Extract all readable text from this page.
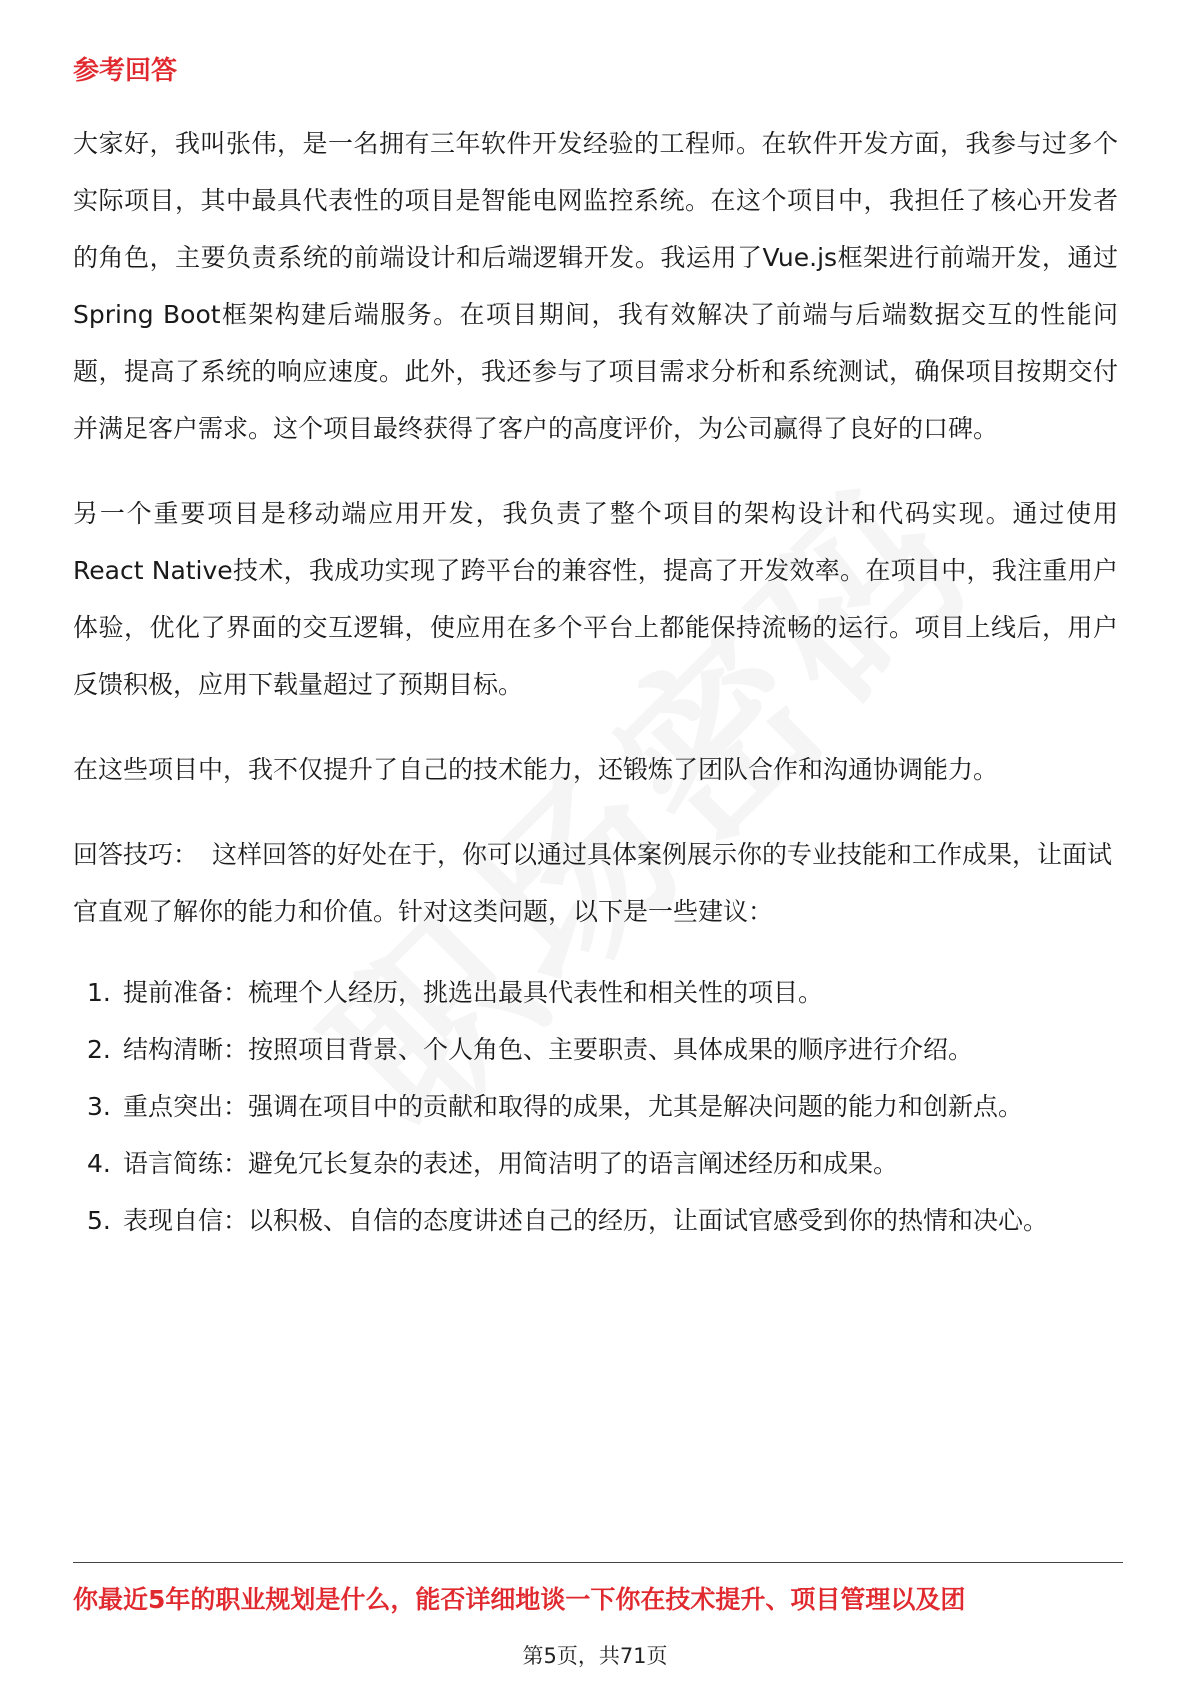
参考回答

大家好，我叫张伟，是一名拥有三年软件开发经验的工程师。在软件开发方面，我参与过多个实际项目，其中最具代表性的项目是智能电网监控系统。在这个项目中，我担任了核心开发者的角色，主要负责系统的前端设计和后端逻辑开发。我运用了Vue.js框架进行前端开发，通过Spring Boot框架构建后端服务。在项目期间，我有效解决了前端与后端数据交互的性能问题，提高了系统的响应速度。此外，我还参与了项目需求分析和系统测试，确保项目按期交付并满足客户需求。这个项目最终获得了客户的高度评价，为公司赢得了良好的口碑。

另一个重要项目是移动端应用开发，我负责了整个项目的架构设计和代码实现。通过使用React Native技术，我成功实现了跨平台的兼容性，提高了开发效率。在项目中，我注重用户体验，优化了界面的交互逻辑，使应用在多个平台上都能保持流畅的运行。项目上线后，用户反馈积极，应用下载量超过了预期目标。

在这些项目中，我不仅提升了自己的技术能力，还锻炼了团队合作和沟通协调能力。

回答技巧： 这样回答的好处在于，你可以通过具体案例展示你的专业技能和工作成果，让面试官直观了解你的能力和价值。针对这类问题，以下是一些建议：

1. 提前准备：梳理个人经历，挑选出最具代表性和相关性的项目。
2. 结构清晰：按照项目背景、个人角色、主要职责、具体成果的顺序进行介绍。
3. 重点突出：强调在项目中的贡献和取得的成果，尤其是解决问题的能力和创新点。
4. 语言简练：避免冗长复杂的表述，用简洁明了的语言阐述经历和成果。
5. 表现自信：以积极、自信的态度讲述自己的经历，让面试官感受到你的热情和决心。
你最近5年的职业规划是什么，能否详细地谈一下你在技术提升、项目管理以及团
第5页，共71页
